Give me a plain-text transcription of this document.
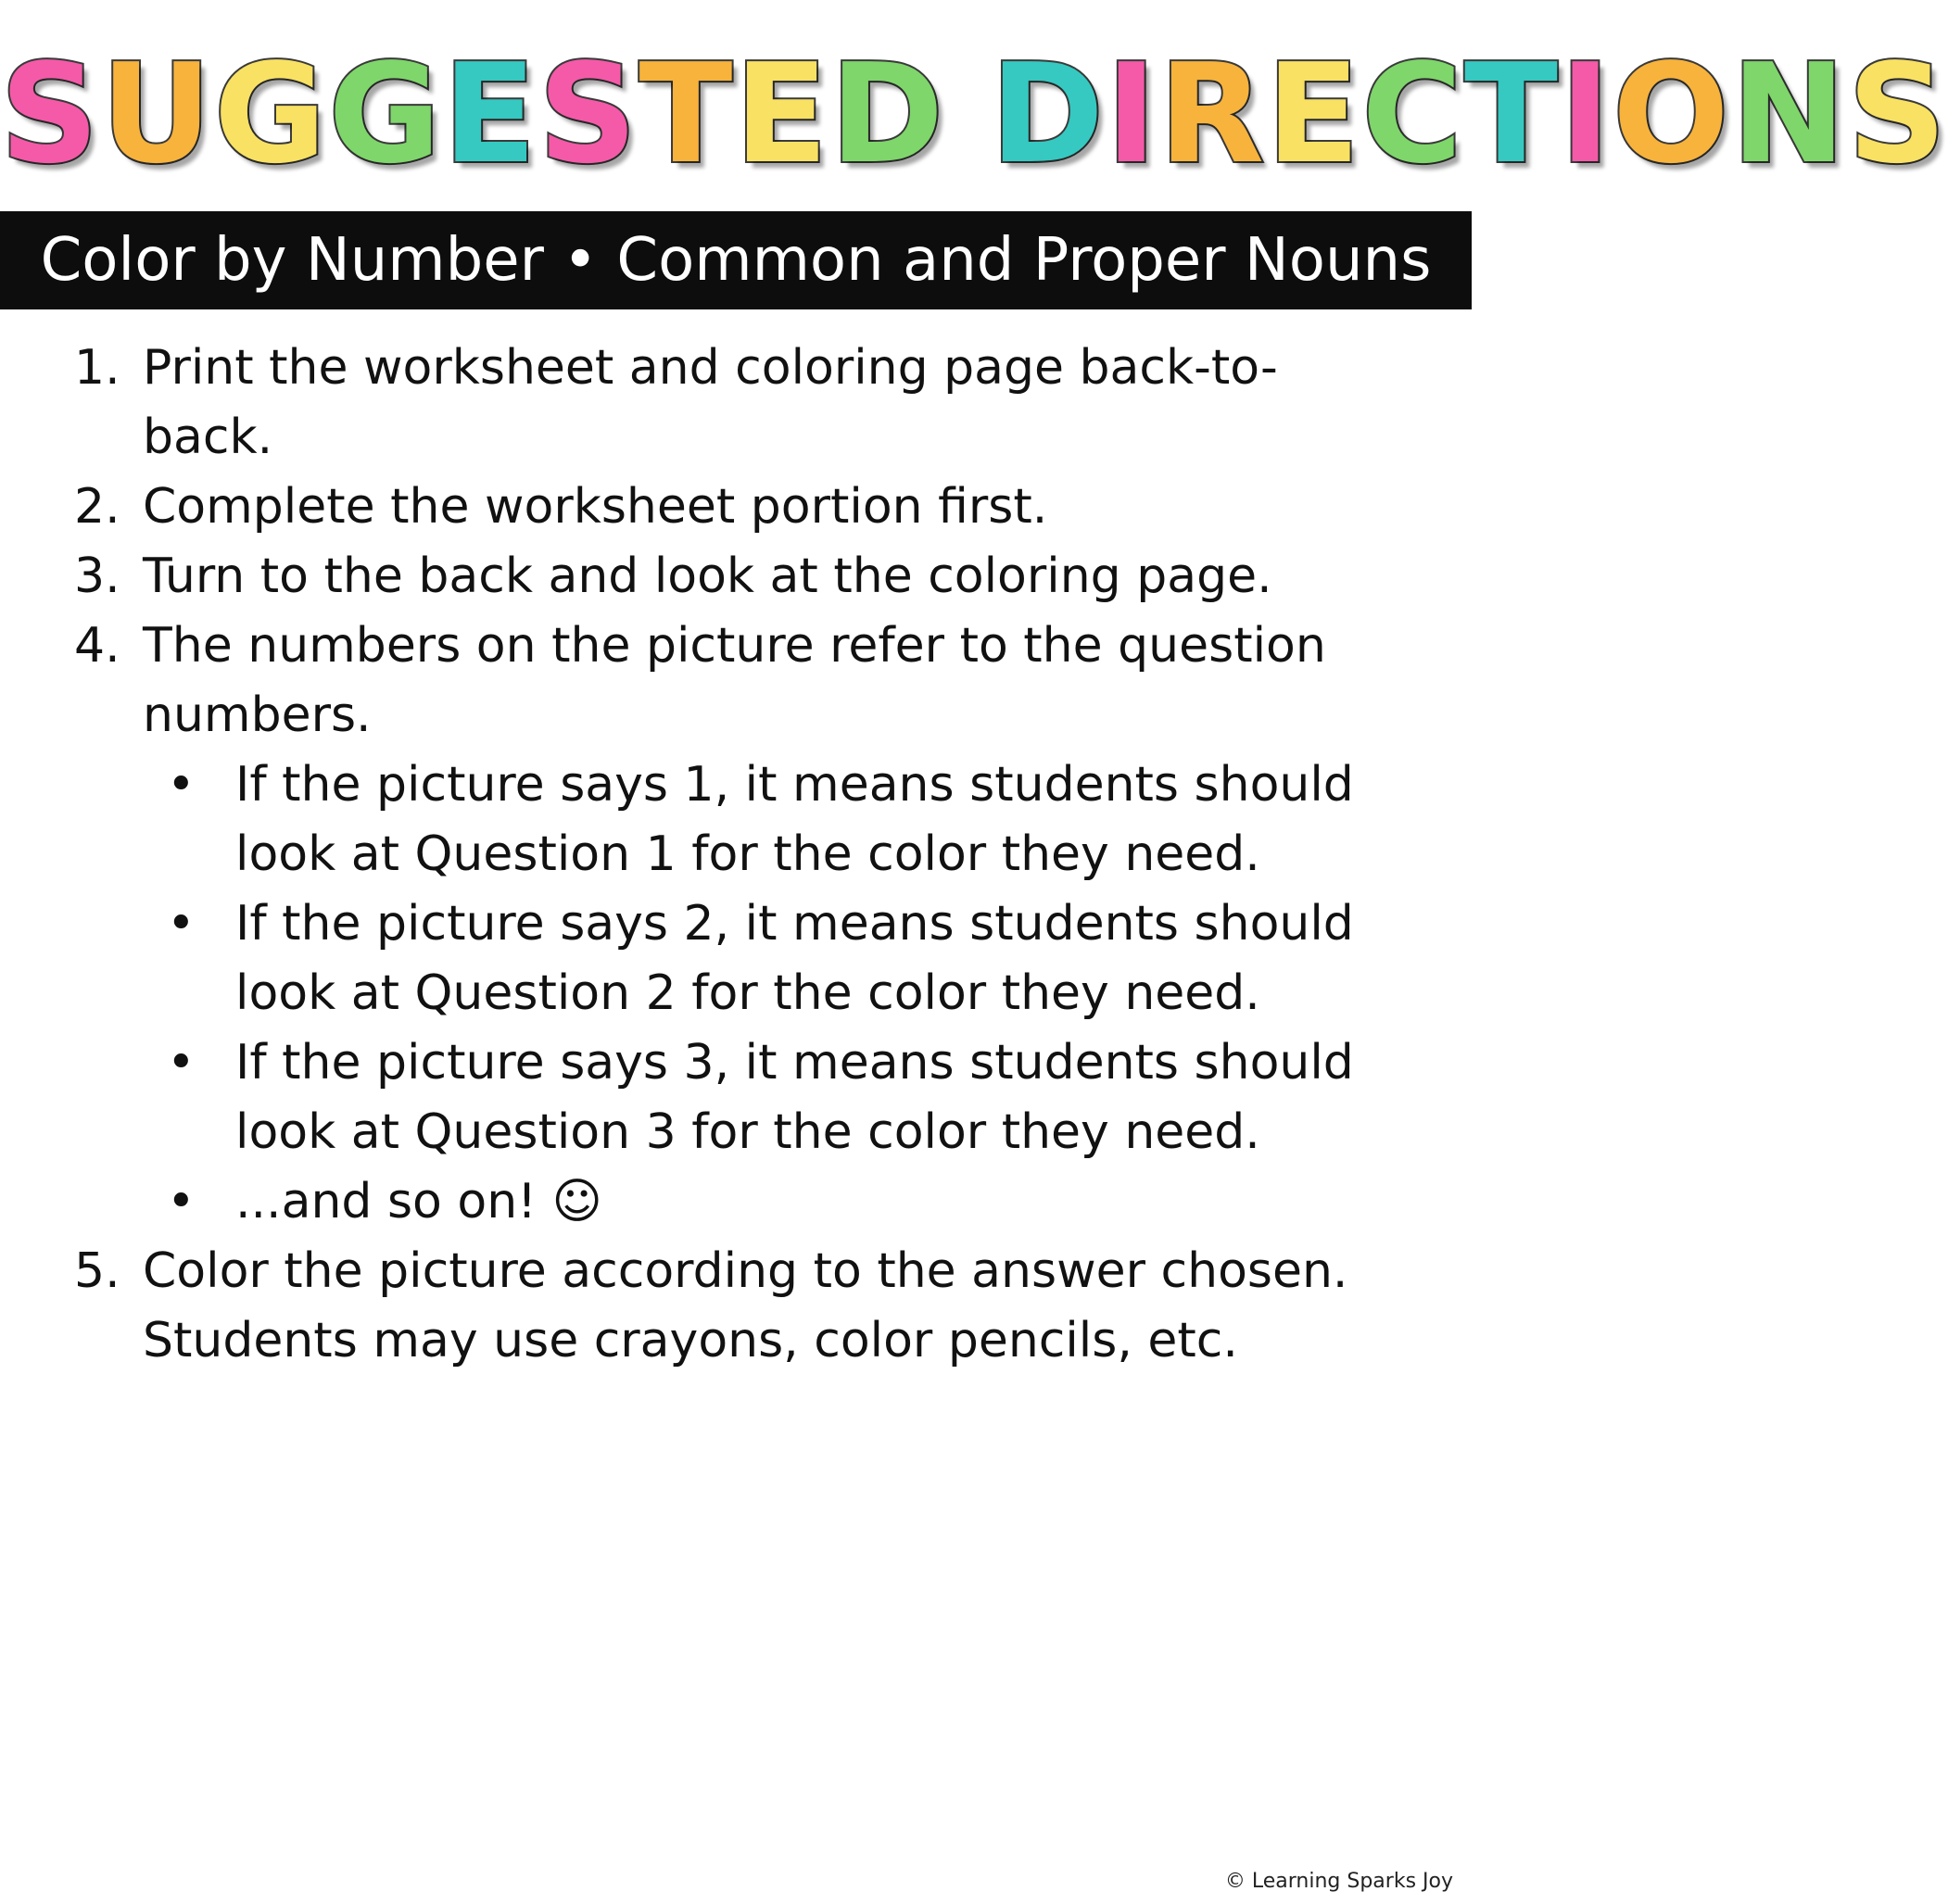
SUGGESTED DIRECTIONS
Color by Number • Common and Proper Nouns
1. Print the worksheet and coloring page back-to-back.
2. Complete the worksheet portion first.
3. Turn to the back and look at the coloring page.
4. The numbers on the picture refer to the question numbers.
• If the picture says 1, it means students should look at Question 1 for the color they need.
• If the picture says 2, it means students should look at Question 2 for the color they need.
• If the picture says 3, it means students should look at Question 3 for the color they need.
• ...and so on! ☺
5. Color the picture according to the answer chosen. Students may use crayons, color pencils, etc.
© Learning Sparks Joy
